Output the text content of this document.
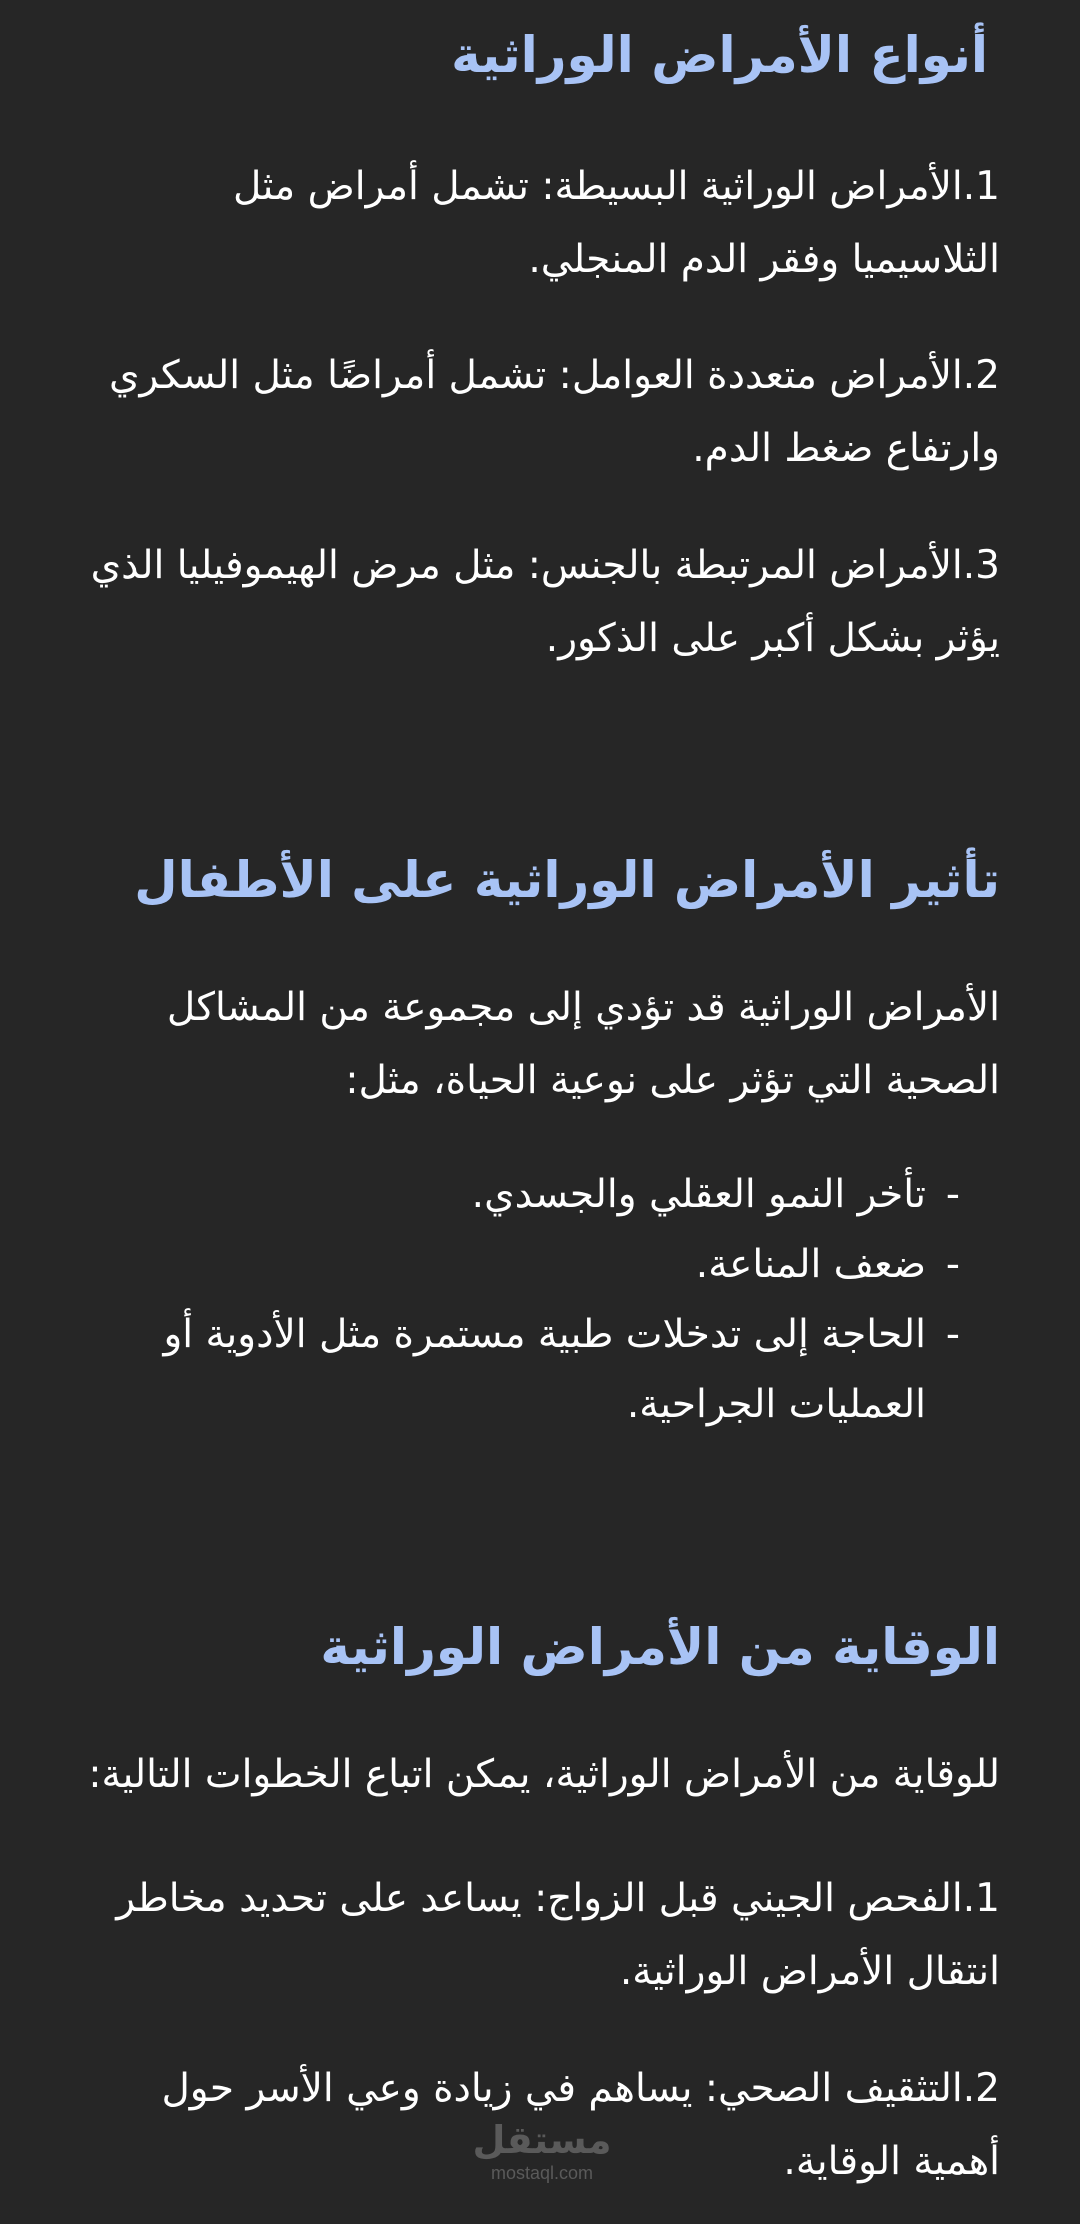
أنواع الأمراض الوراثية

1.الأمراض الوراثية البسيطة: تشمل أمراض مثل الثلاسيميا وفقر الدم المنجلي.

2.الأمراض متعددة العوامل: تشمل أمراضًا مثل السكري وارتفاع ضغط الدم.

3.الأمراض المرتبطة بالجنس: مثل مرض الهيموفيليا الذي يؤثر بشكل أكبر على الذكور.

تأثير الأمراض الوراثية على الأطفال

الأمراض الوراثية قد تؤدي إلى مجموعة من المشاكل الصحية التي تؤثر على نوعية الحياة، مثل:

-
تأخر النمو العقلي والجسدي.
-
ضعف المناعة.
-
الحاجة إلى تدخلات طبية مستمرة مثل الأدوية أو العمليات الجراحية.
الوقاية من الأمراض الوراثية

للوقاية من الأمراض الوراثية، يمكن اتباع الخطوات التالية:

1.الفحص الجيني قبل الزواج: يساعد على تحديد مخاطر انتقال الأمراض الوراثية.

2.التثقيف الصحي: يساهم في زيادة وعي الأسر حول أهمية الوقاية.

مستقل
mostaql.com
